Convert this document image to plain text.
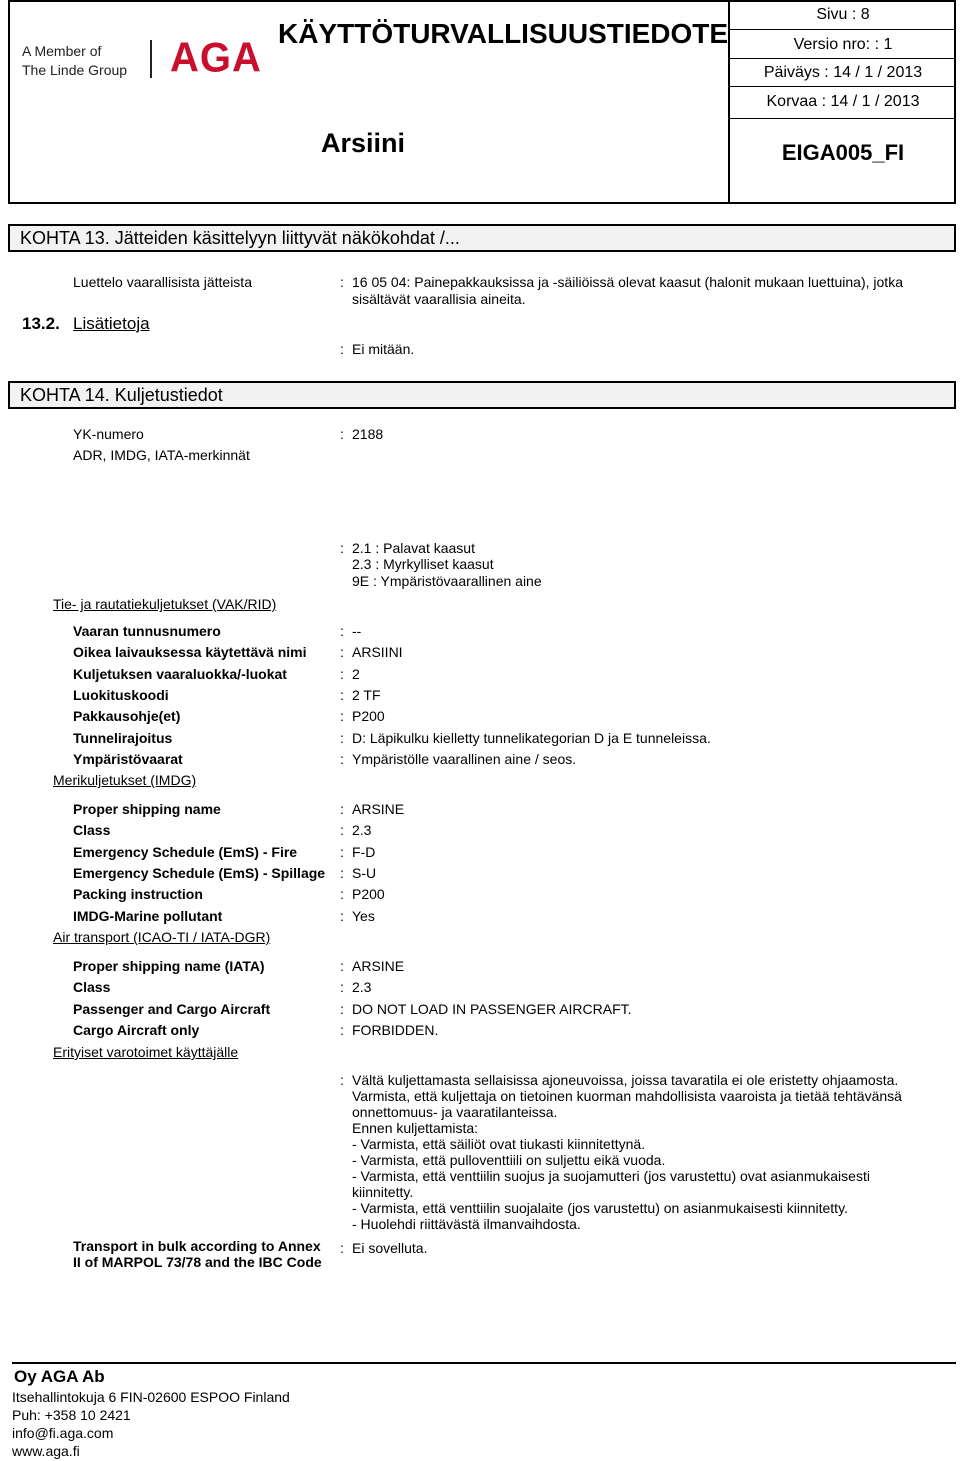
A Member of
The Linde Group AGA
KÄYTTÖTURVALLISUUSTIEDOTE
Arsiini
Sivu : 8
Versio nro: : 1
Päiväys : 14 / 1 / 2013
Korvaa : 14 / 1 / 2013
EIGA005_FI
KOHTA 13. Jätteiden käsittelyyn liittyvät näkökohdat /...
Luettelo vaarallisista jätteista	: 16 05 04: Painepakkauksissa ja -säiliöissä olevat kaasut (halonit mukaan luettuina), jotka
sisältävät vaarallisia aineita.
13.2. Lisätietoja
: Ei mitään.
KOHTA 14. Kuljetustiedot
YK-numero	: 2188
ADR, IMDG, IATA-merkinnät
: 2.1 : Palavat kaasut
2.3 : Myrkylliset kaasut
9E : Ympäristövaarallinen aine
Tie- ja rautatiekuljetukset (VAK/RID)
Vaaran tunnusnumero	: --
Oikea laivauksessa käytettävä nimi : ARSIINI
Kuljetuksen vaaraluokka/-luokat	: 2
Luokituskoodi	: 2 TF
Pakkausohje(et)	: P200
Tunnelirajoitus	: D: Läpikulku kielletty tunnelikategorian D ja E tunneleissa.
Ympäristövaarat	: Ympäristölle vaarallinen aine / seos.
Merikuljetukset (IMDG)
Proper shipping name	: ARSINE
Class	: 2.3
Emergency Schedule (EmS) - Fire	: F-D
Emergency Schedule (EmS) - Spillage : S-U
Packing instruction	: P200
IMDG-Marine pollutant	: Yes
Air transport (ICAO-TI / IATA-DGR)
Proper shipping name (IATA)	: ARSINE
Class	: 2.3
Passenger and Cargo Aircraft	: DO NOT LOAD IN PASSENGER AIRCRAFT.
Cargo Aircraft only	: FORBIDDEN.
Erityiset varotoimet käyttäjälle
: Vältä kuljettamasta sellaisissa ajoneuvoissa, joissa tavaratila ei ole eristetty ohjaamosta.
Varmista, että kuljettaja on tietoinen kuorman mahdollisista vaaroista ja tietää tehtävänsä
onnettomuus- ja vaaratilanteissa.
Ennen kuljettamista:
- Varmista, että säiliöt ovat tiukasti kiinnitettynä.
- Varmista, että pulloventtiili on suljettu eikä vuoda.
- Varmista, että venttiilin suojus ja suojamutteri (jos varustettu) ovat asianmukaisesti
kiinnitetty.
- Varmista, että venttiilin suojalaite (jos varustettu) on asianmukaisesti kiinnitetty.
- Huolehdi riittävästä ilmanvaihdosta.
Transport in bulk according to Annex
II of MARPOL 73/78 and the IBC Code
: Ei sovelluta.
Oy AGA Ab
Itsehallintokuja 6 FIN-02600 ESPOO Finland
Puh: +358 10 2421
info@fi.aga.com
www.aga.fi
